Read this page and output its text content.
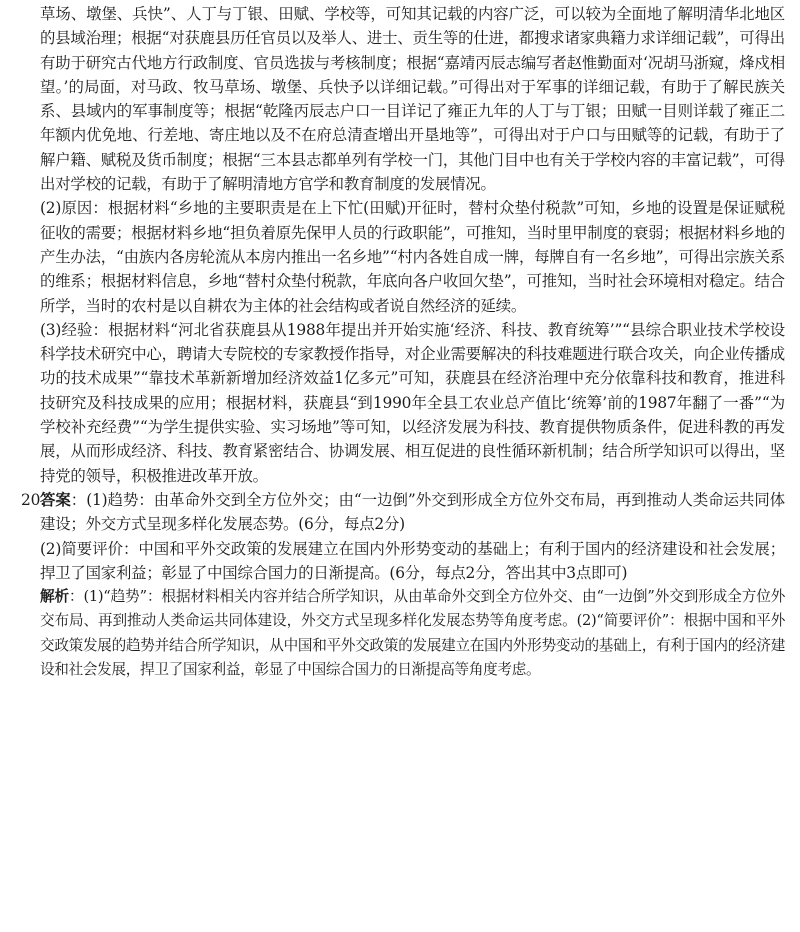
草场、墩堡、兵快”、人丁与丁银、田赋、学校等，可知其记载的内容广泛，可以较为全面地了解明清华北地区的县域治理；根据“对获鹿县历任官员以及举人、进士、贡生等的仕进，都搜求诸家典籍力求详细记载”，可得出有助于研究古代地方行政制度、官员选拔与考核制度；根据“嘉靖丙辰志编写者赵惟勤面对‘况胡马浙窥，烽戍相望。’的局面，对马政、牧马草场、墩堡、兵快予以详细记载。”可得出对于军事的详细记载，有助于了解民族关系、县域内的军事制度等；根据“乾隆丙辰志户口一目详记了雍正九年的人丁与丁银；田赋一目则详载了雍正二年额内优免地、行差地、寄庄地以及不在府总清查增出开垦地等”，可得出对于户口与田赋等的记载，有助于了解户籍、赋税及货币制度；根据“三本县志都单列有学校一门，其他门目中也有关于学校内容的丰富记载”，可得出对学校的记载，有助于了解明清地方官学和教育制度的发展情况。

(2)原因：根据材料“乡地的主要职责是在上下忙(田赋)开征时，替村众垫付税款”可知，乡地的设置是保证赋税征收的需要；根据材料乡地“担负着原先保甲人员的行政职能”，可推知，当时里甲制度的衰弱；根据材料乡地的产生办法，“由族内各房轮流从本房内推出一名乡地”“村内各姓自成一牌，每牌自有一名乡地”，可得出宗族关系的维系；根据材料信息，乡地“替村众垫付税款，年底向各户收回欠垫”，可推知，当时社会环境相对稳定。结合所学，当时的农村是以自耕农为主体的社会结构或者说自然经济的延续。

(3)经验：根据材料“河北省获鹿县从1988年提出并开始实施‘经济、科技、教育统筹’”“县综合职业技术学校设科学技术研究中心，聘请大专院校的专家教授作指导，对企业需要解决的科技难题进行联合攻关，向企业传播成功的技术成果”“靠技术革新新增加经济效益1亿多元”可知，获鹿县在经济治理中充分依靠科技和教育，推进科技研究及科技成果的应用；根据材料，获鹿县“到1990年全县工农业总产值比‘统筹’前的1987年翻了一番”“为学校补充经费”“为学生提供实验、实习场地”等可知，以经济发展为科技、教育提供物质条件，促进科教的再发展，从而形成经济、科技、教育紧密结合、协调发展、相互促进的良性循环新机制；结合所学知识可以得出，坚持党的领导，积极推进改革开放。

20.

答案：(1)趋势：由革命外交到全方位外交；由“一边倒”外交到形成全方位外交布局，再到推动人类命运共同体建设；外交方式呈现多样化发展态势。(6分，每点2分)

(2)简要评价：中国和平外交政策的发展建立在国内外形势变动的基础上；有利于国内的经济建设和社会发展；捍卫了国家利益；彰显了中国综合国力的日渐提高。(6分，每点2分，答出其中3点即可)

解析：(1)“趋势”：根据材料相关内容并结合所学知识，从由革命外交到全方位外交、由“一边倒”外交到形成全方位外交布局、再到推动人类命运共同体建设，外交方式呈现多样化发展态势等角度考虑。(2)“简要评价”：根据中国和平外交政策发展的趋势并结合所学知识，从中国和平外交政策的发展建立在国内外形势变动的基础上，有利于国内的经济建设和社会发展，捍卫了国家利益，彰显了中国综合国力的日渐提高等角度考虑。
